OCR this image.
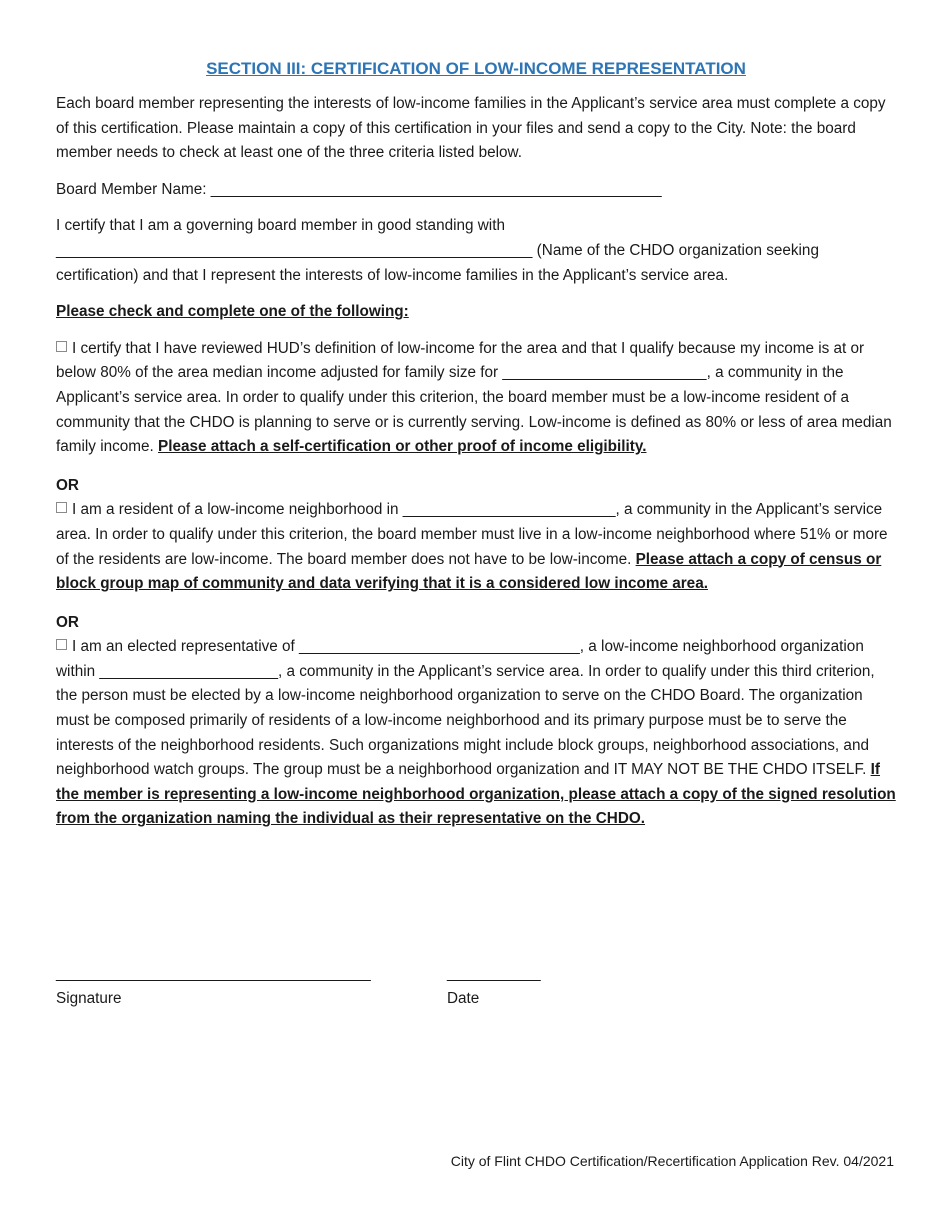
SECTION III: CERTIFICATION OF LOW-INCOME REPRESENTATION

Each board member representing the interests of low-income families in the Applicant’s service area must complete a copy of this certification. Please maintain a copy of this certification in your files and send a copy to the City. Note: the board member needs to check at least one of the three criteria listed below.

Board Member Name: _____________________________________________________

I certify that I am a governing board member in good standing with
________________________________________________________ (Name of the CHDO organization seeking certification) and that I represent the interests of low-income families in the Applicant’s service area.

Please check and complete one of the following:

I certify that I have reviewed HUD’s definition of low-income for the area and that I qualify because my income is at or below 80% of the area median income adjusted for family size for ________________________, a community in the Applicant’s service area. In order to qualify under this criterion, the board member must be a low-income resident of a community that the CHDO is planning to serve or is currently serving. Low-income is defined as 80% or less of area median family income. Please attach a self-certification or other proof of income eligibility.

OR

I am a resident of a low-income neighborhood in _________________________, a community in the Applicant’s service area. In order to qualify under this criterion, the board member must live in a low-income neighborhood where 51% or more of the residents are low-income. The board member does not have to be low-income. Please attach a copy of census or block group map of community and data verifying that it is a considered low income area.

OR

I am an elected representative of _________________________________, a low-income neighborhood organization within _____________________, a community in the Applicant’s service area. In order to qualify under this third criterion, the person must be elected by a low-income neighborhood organization to serve on the CHDO Board. The organization must be composed primarily of residents of a low-income neighborhood and its primary purpose must be to serve the interests of the neighborhood residents. Such organizations might include block groups, neighborhood associations, and neighborhood watch groups. The group must be a neighborhood organization and IT MAY NOT BE THE CHDO ITSELF. If the member is representing a low-income neighborhood organization, please attach a copy of the signed resolution from the organization naming the individual as their representative on the CHDO.

_____________________________________
Signature
___________
Date
City of Flint CHDO Certification/Recertification Application Rev. 04/2021
